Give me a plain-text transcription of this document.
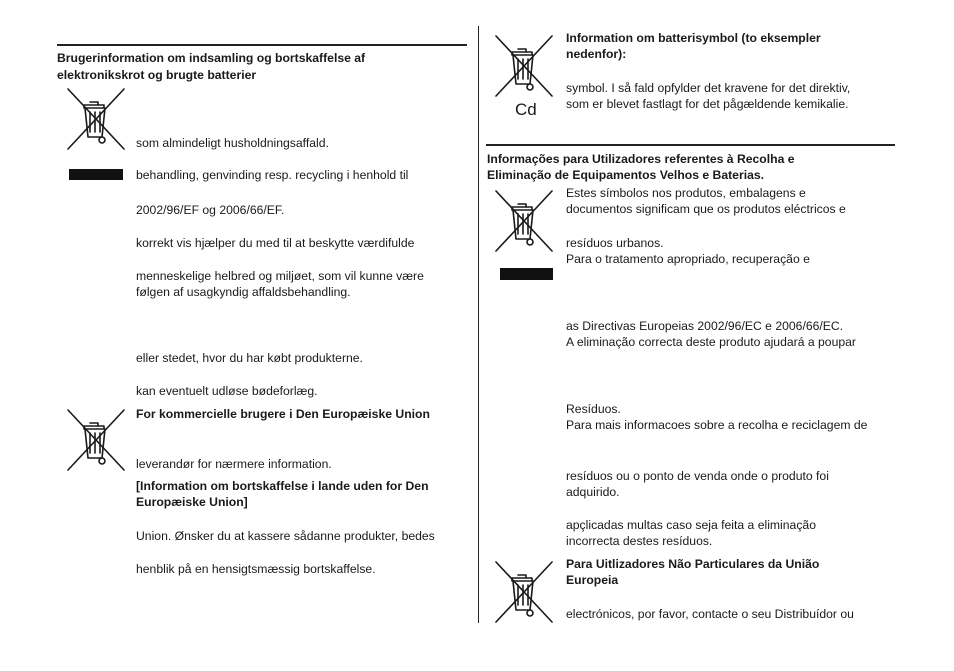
Brugerinformation om indsamling og bortskaffelse af
elektronikskrot og brugte batterier
som almindeligt husholdningsaffald.
behandling, genvinding resp. recycling i henhold til
2002/96/EF og 2006/66/EF.
korrekt vis hjælper du med til at beskytte værdifulde
menneskelige helbred og miljøet, som vil kunne være
følgen af usagkyndig affaldsbehandling.
eller stedet, hvor du har købt produkterne.
kan eventuelt udløse bødeforlæg.
For kommercielle brugere i Den Europæiske Union
leverandør for nærmere information.
[Information om bortskaffelse i lande uden for Den
Europæiske Union]
Union. Ønsker du at kassere sådanne produkter, bedes
henblik på en hensigtsmæssig bortskaffelse.
Cd
Information om batterisymbol (to eksempler
nedenfor):
symbol. I så fald opfylder det kravene for det direktiv,
som er blevet fastlagt for det pågældende kemikalie.
Informações para Utilizadores referentes à Recolha e
Eliminação de Equipamentos Velhos e Baterias.
Estes símbolos nos produtos, embalagens e
documentos significam que os produtos eléctricos e
resíduos urbanos.
Para o tratamento apropriado, recuperação e
as Directivas Europeias 2002/96/EC e 2006/66/EC.
A eliminação correcta deste produto ajudará a poupar
Resíduos.
Para mais informacoes sobre a recolha e reciclagem de
resíduos ou o ponto de venda onde o produto foi
adquirido.
apçlicadas multas caso seja feita a eliminação
incorrecta destes resíduos.
Para Uitlizadores Não Particulares da União
Europeia
electrónicos, por favor, contacte o seu Distribuídor ou
